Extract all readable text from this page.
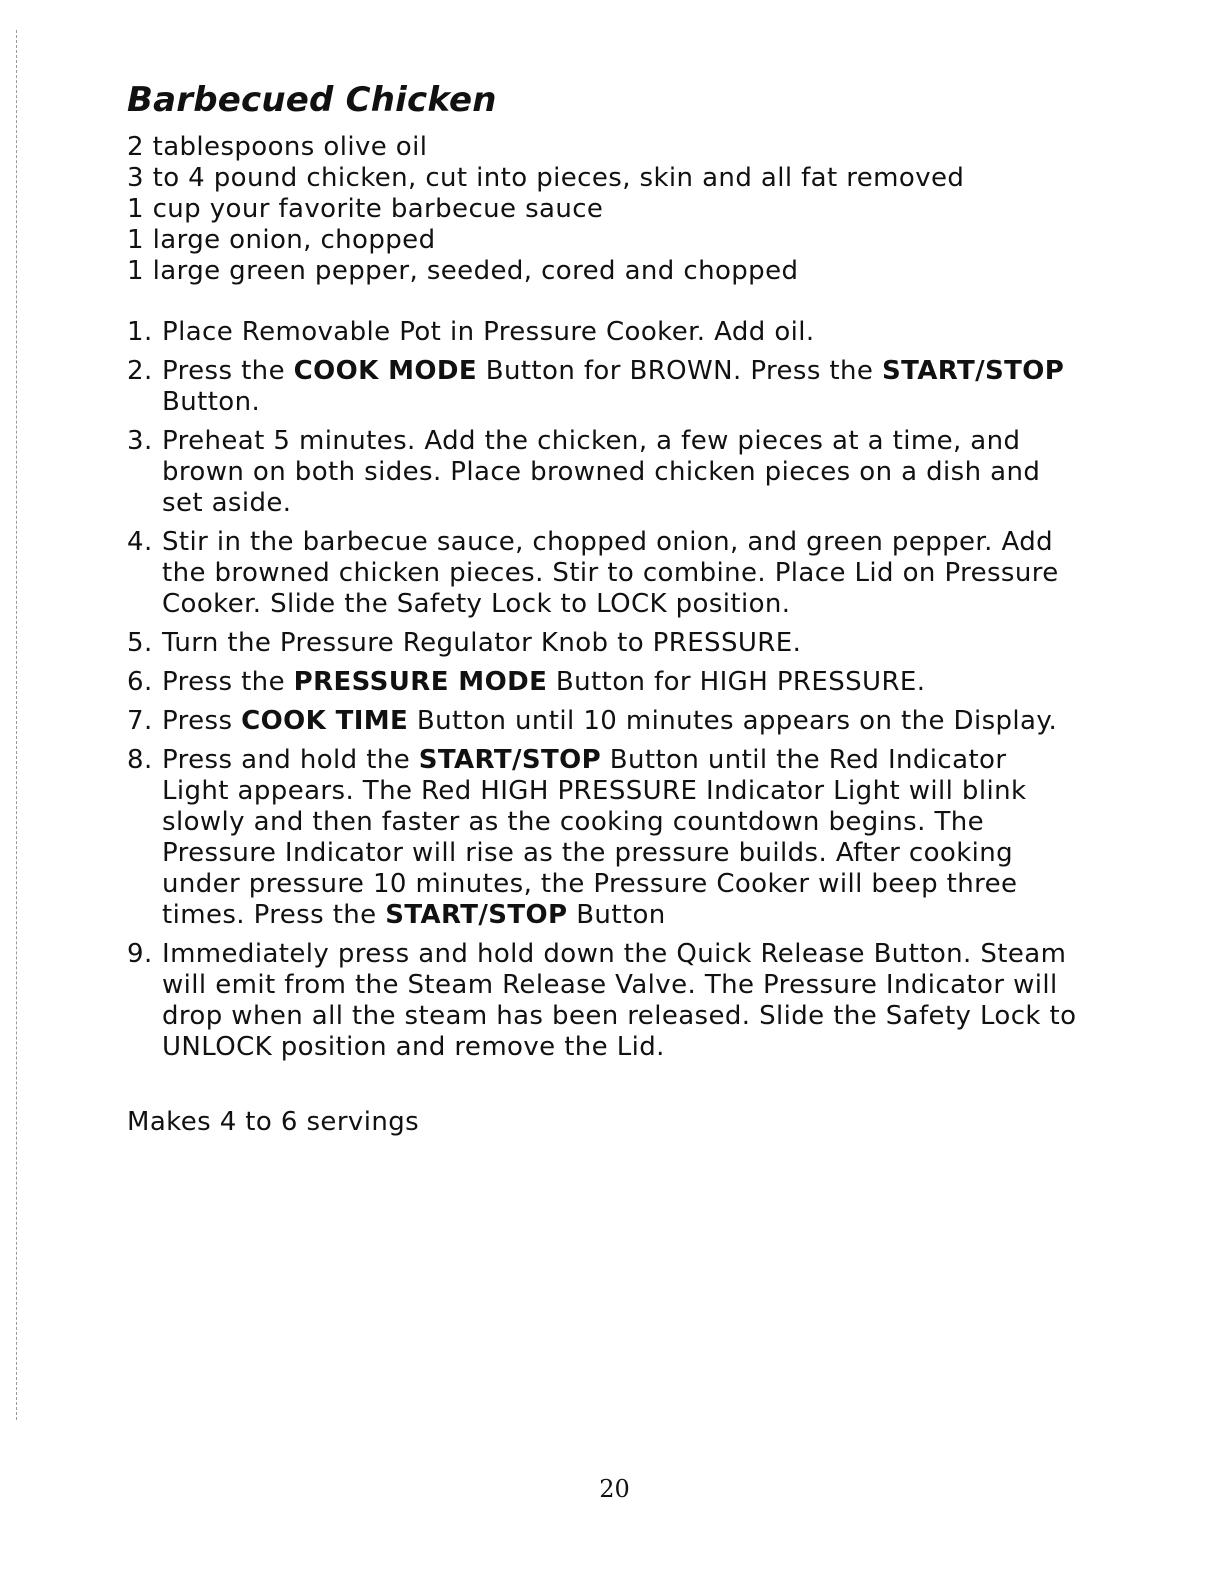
Barbecued Chicken
2 tablespoons olive oil
3 to 4 pound chicken, cut into pieces, skin and all fat removed
1 cup your favorite barbecue sauce
1 large onion, chopped
1 large green pepper, seeded, cored and chopped
1. Place Removable Pot in Pressure Cooker. Add oil.
2. Press the COOK MODE Button for BROWN. Press the START/STOP Button.
3. Preheat 5 minutes. Add the chicken, a few pieces at a time, and brown on both sides. Place browned chicken pieces on a dish and set aside.
4. Stir in the barbecue sauce, chopped onion, and green pepper. Add the browned chicken pieces. Stir to combine. Place Lid on Pressure Cooker. Slide the Safety Lock to LOCK position.
5. Turn the Pressure Regulator Knob to PRESSURE.
6. Press the PRESSURE MODE Button for HIGH PRESSURE.
7. Press COOK TIME Button until 10 minutes appears on the Display.
8. Press and hold the START/STOP Button until the Red Indicator Light appears. The Red HIGH PRESSURE Indicator Light will blink slowly and then faster as the cooking countdown begins. The Pressure Indicator will rise as the pressure builds. After cooking under pressure 10 minutes, the Pressure Cooker will beep three times. Press the START/STOP Button
9. Immediately press and hold down the Quick Release Button. Steam will emit from the Steam Release Valve. The Pressure Indicator will drop when all the steam has been released. Slide the Safety Lock to UNLOCK position and remove the Lid.
Makes 4 to 6 servings
20
